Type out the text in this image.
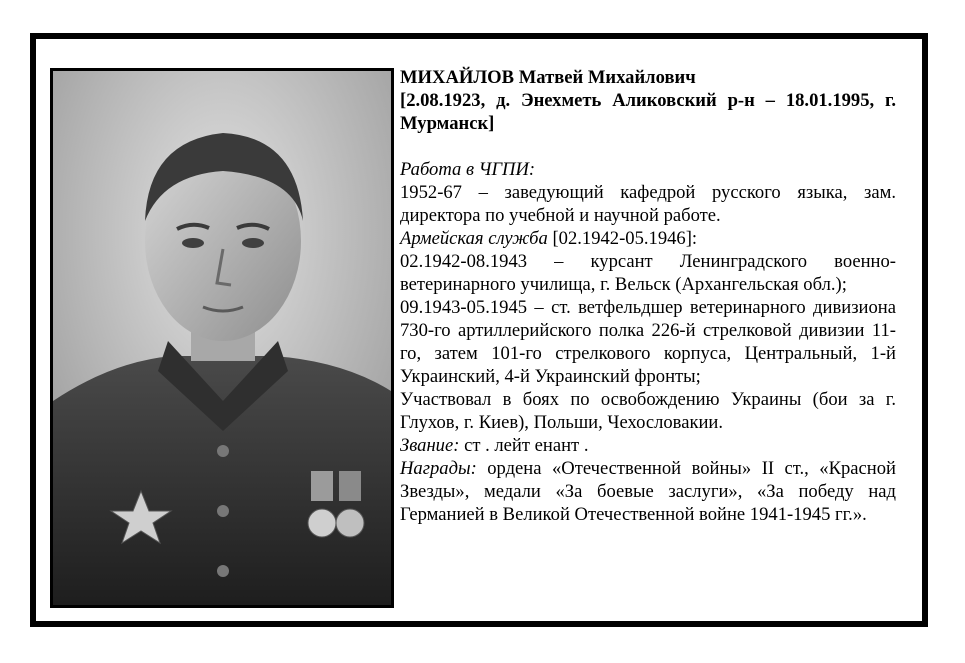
МИХАЙЛОВ Матвей Михайлович

[2.08.1923, д. Энехметь Аликовский р-н – 18.01.1995, г. Мурманск]

Работа в ЧГПИ:

1952-67 – заведующий кафедрой русского языка, зам. директора по учебной и научной работе.

Армейская служба [02.1942-05.1946]:

02.1942-08.1943 – курсант Ленинградского военно-ветеринарного училища, г. Вельск (Архангельская обл.);

09.1943-05.1945 – ст. ветфельдшер ветеринарного дивизиона 730-го артиллерийского полка 226-й стрелковой дивизии 11-го, затем 101-го стрелкового корпуса, Центральный, 1-й Украинский, 4-й Украинский фронты;

Участвовал в боях по освобождению Украины (бои за г. Глухов, г. Киев), Польши, Чехословакии.

Звание: ст . лейт енант .

Награды: ордена «Отечественной войны» II ст., «Красной Звезды», медали «За боевые заслуги», «За победу над Германией в Великой Отечественной войне 1941-1945 гг.».
